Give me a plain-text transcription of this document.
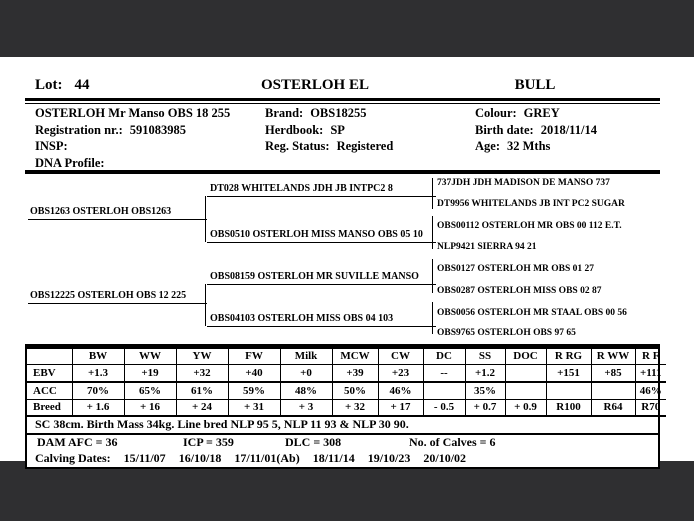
Lot: 44	OSTERLOH EL	BULL
OSTERLOH Mr Manso OBS 18 255	Brand: OBS18255	Colour: GREY
Registration nr.: 591083985	Herdbook: SP	Birth date: 2018/11/14
INSP:	Reg. Status: Registered	Age: 32 Mths
DNA Profile:
OBS1263 OSTERLOH OBS1263
OBS12225 OSTERLOH OBS 12 225
DT028 WHITELANDS JDH JB INTPC2 8
OBS0510 OSTERLOH MISS MANSO OBS 05 10
OBS08159 OSTERLOH MR SUVILLE MANSO
OBS04103 OSTERLOH MISS OBS 04 103
737JDH JDH MADISON DE MANSO 737
DT9956 WHITELANDS JB INT PC2 SUGAR
OBS00112 OSTERLOH MR OBS 00 112 E.T.
NLP9421 SIERRA 94 21
OBS0127 OSTERLOH MR OBS 01 27
OBS0287 OSTERLOH MISS OBS 02 87
OBS0056 OSTERLOH MR STAAL OBS 00 56
OBS9765 OSTERLOH OBS 97 65
	BW	WW	YW	FW	Milk	MCW	CW	DC	SS	DOC	R RG	R WW	R F
EBV	+1.3	+19	+32	+40	+0	+39	+23	--	+1.2		+151	+85	+111
ACC	70%	65%	61%	59%	48%	50%	46%		35%				46%
Breed	+ 1.6	+ 16	+ 24	+ 31	+ 3	+ 32	+ 17	- 0.5	+ 0.7	+ 0.9	R100	R64	R70
SC 38cm. Birth Mass 34kg. Line bred NLP 95 5, NLP 11 93 & NLP 30 90.
DAM AFC = 36	ICP = 359	DLC = 308	No. of Calves = 6
Calving Dates: 15/11/07 16/10/18 17/11/01(Ab) 18/11/14 19/10/23 20/10/02
